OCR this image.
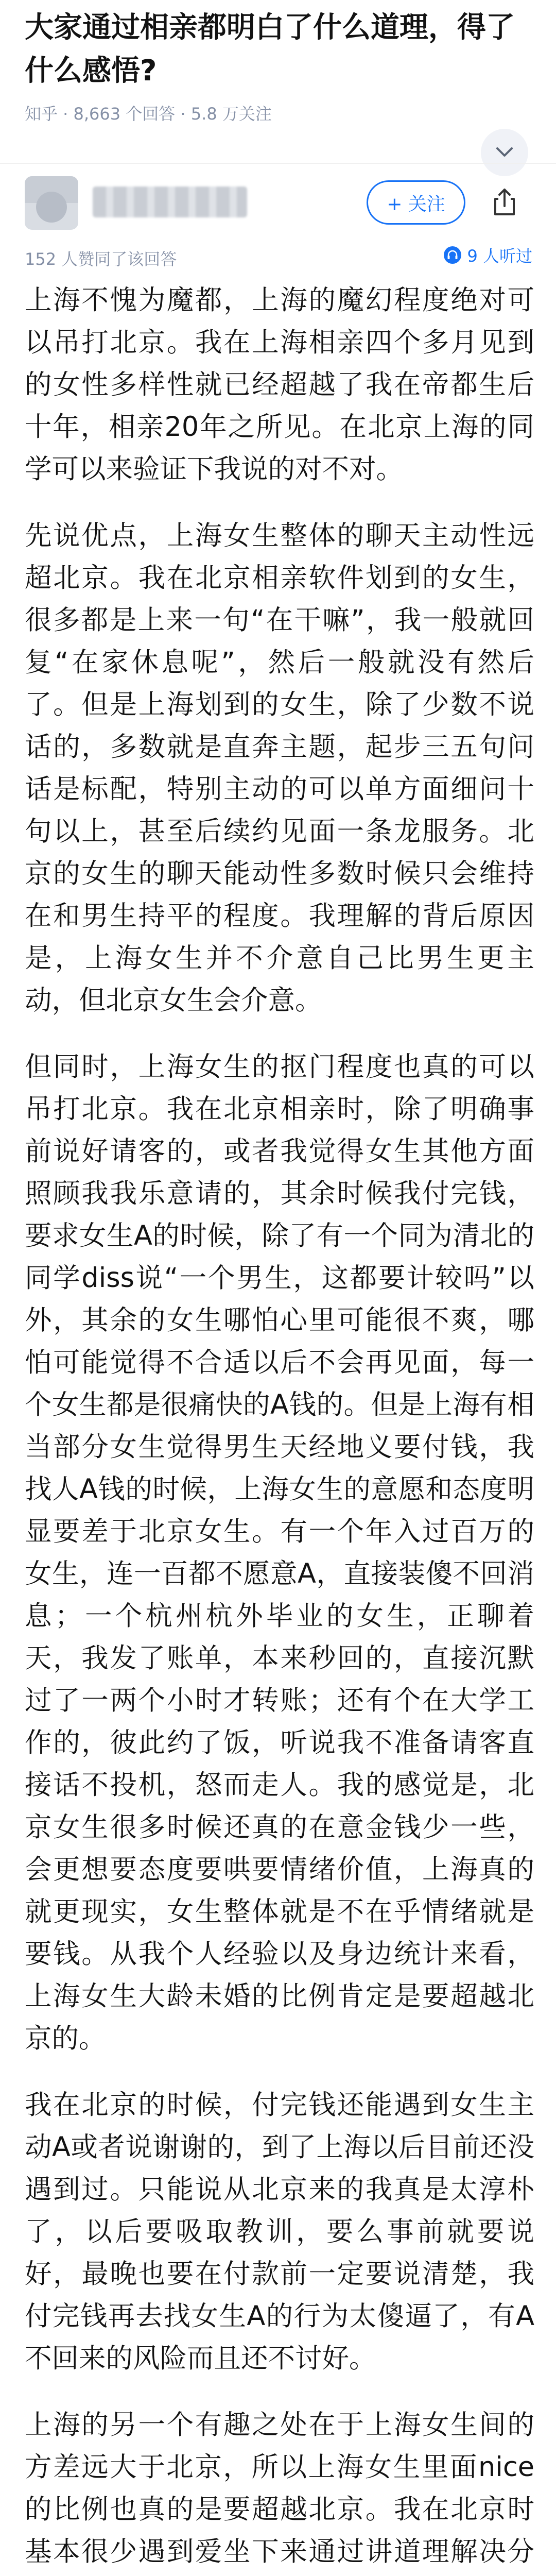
大家通过相亲都明白了什么道理，得了什么感悟?
知乎 · 8,663 个回答 · 5.8 万关注
+ 关注
152 人赞同了该回答	9 人听过

上海不愧为魔都，上海的魔幻程度绝对可以吊打北京。我在上海相亲四个多月见到的女性多样性就已经超越了我在帝都生后十年，相亲20年之所见。在北京上海的同学可以来验证下我说的对不对。

先说优点，上海女生整体的聊天主动性远超北京。我在北京相亲软件划到的女生，很多都是上来一句“在干嘛”，我一般就回复“在家休息呢”，然后一般就没有然后了。但是上海划到的女生，除了少数不说话的，多数就是直奔主题，起步三五句问话是标配，特别主动的可以单方面细问十句以上，甚至后续约见面一条龙服务。北京的女生的聊天能动性多数时候只会维持在和男生持平的程度。我理解的背后原因是，上海女生并不介意自己比男生更主动，但北京女生会介意。

但同时，上海女生的抠门程度也真的可以吊打北京。我在北京相亲时，除了明确事前说好请客的，或者我觉得女生其他方面照顾我我乐意请的，其余时候我付完钱，要求女生A的时候，除了有一个同为清北的同学diss说“一个男生，这都要计较吗”以外，其余的女生哪怕心里可能很不爽，哪怕可能觉得不合适以后不会再见面，每一个女生都是很痛快的A钱的。但是上海有相当部分女生觉得男生天经地义要付钱，我找人A钱的时候，上海女生的意愿和态度明显要差于北京女生。有一个年入过百万的女生，连一百都不愿意A，直接装傻不回消息；一个杭州杭外毕业的女生，正聊着天，我发了账单，本来秒回的，直接沉默过了一两个小时才转账；还有个在大学工作的，彼此约了饭，听说我不准备请客直接话不投机，怒而走人。我的感觉是，北京女生很多时候还真的在意金钱少一些，会更想要态度要哄要情绪价值，上海真的就更现实，女生整体就是不在乎情绪就是要钱。从我个人经验以及身边统计来看，上海女生大龄未婚的比例肯定是要超越北京的。

我在北京的时候，付完钱还能遇到女生主动A或者说谢谢的，到了上海以后目前还没遇到过。只能说从北京来的我真是太淳朴了，以后要吸取教训，要么事前就要说好，最晚也要在付款前一定要说清楚，我付完钱再去找女生A的行为太傻逼了，有A不回来的风险而且还不讨好。

上海的另一个有趣之处在于上海女生间的方差远大于北京，所以上海女生里面nice的比例也真的是要超越北京。我在北京时基本很少遇到爱坐下来通过讲道理解决分
